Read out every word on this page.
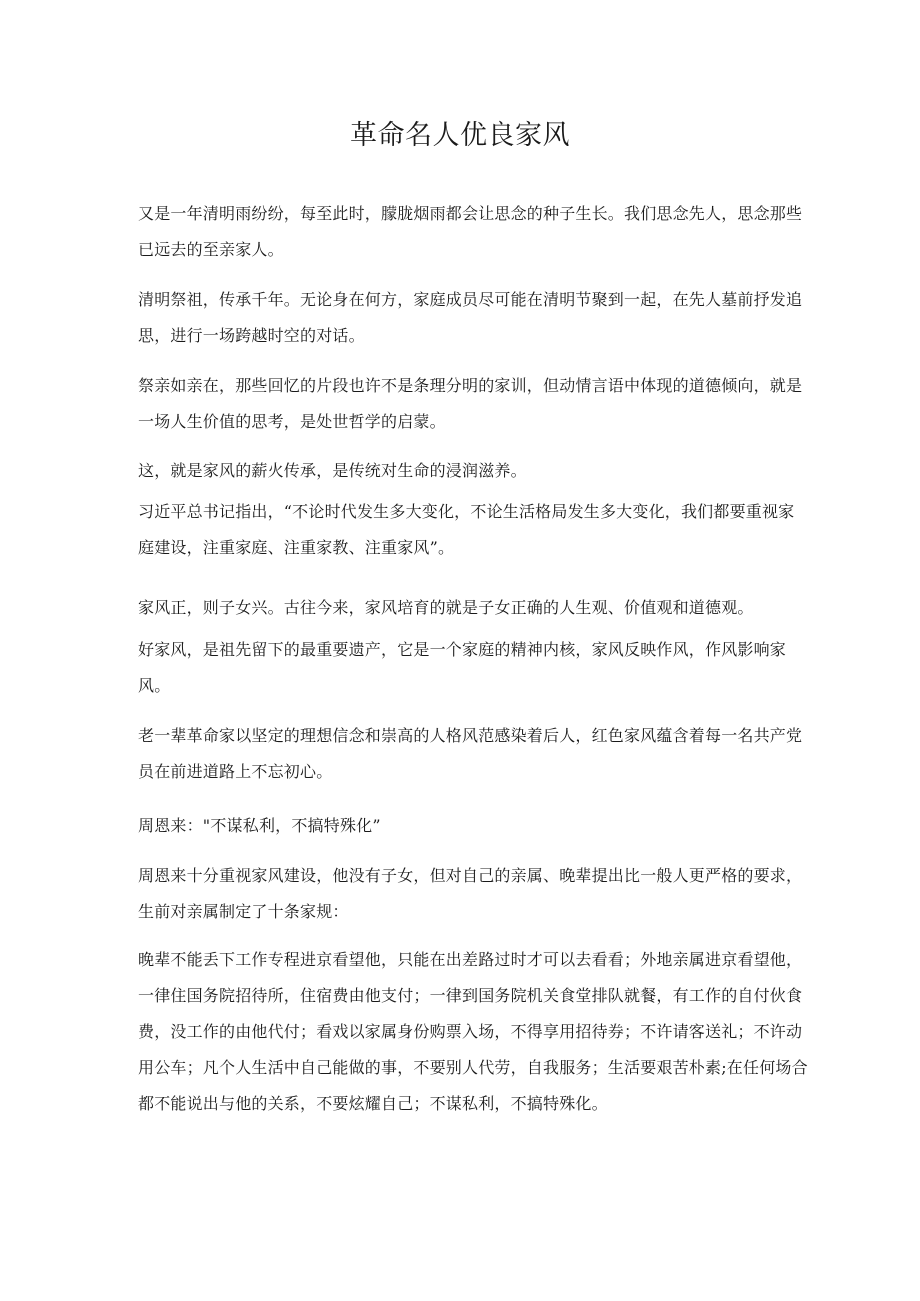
革命名人优良家风

又是一年清明雨纷纷，每至此时，朦胧烟雨都会让思念的种子生长。我们思念先人，思念那些已远去的至亲家人。

清明祭祖，传承千年。无论身在何方，家庭成员尽可能在清明节聚到一起，在先人墓前抒发追思，进行一场跨越时空的对话。

祭亲如亲在，那些回忆的片段也许不是条理分明的家训，但动情言语中体现的道德倾向，就是一场人生价值的思考，是处世哲学的启蒙。

这，就是家风的薪火传承，是传统对生命的浸润滋养。

习近平总书记指出，“不论时代发生多大变化，不论生活格局发生多大变化，我们都要重视家庭建设，注重家庭、注重家教、注重家风”。

家风正，则子女兴。古往今来，家风培育的就是子女正确的人生观、价值观和道德观。

好家风，是祖先留下的最重要遗产，它是一个家庭的精神内核，家风反映作风，作风影响家风。

老一辈革命家以坚定的理想信念和崇高的人格风范感染着后人，红色家风蕴含着每一名共产党员在前进道路上不忘初心。

周恩来："不谋私利，不搞特殊化”

周恩来十分重视家风建设，他没有子女，但对自己的亲属、晚辈提出比一般人更严格的要求，生前对亲属制定了十条家规：

晚辈不能丢下工作专程进京看望他，只能在出差路过时才可以去看看；外地亲属进京看望他，一律住国务院招待所，住宿费由他支付；一律到国务院机关食堂排队就餐，有工作的自付伙食费，没工作的由他代付；看戏以家属身份购票入场，不得享用招待券；不许请客送礼；不许动用公车；凡个人生活中自己能做的事，不要别人代劳，自我服务；生活要艰苦朴素;在任何场合都不能说出与他的关系，不要炫耀自己；不谋私利，不搞特殊化。
